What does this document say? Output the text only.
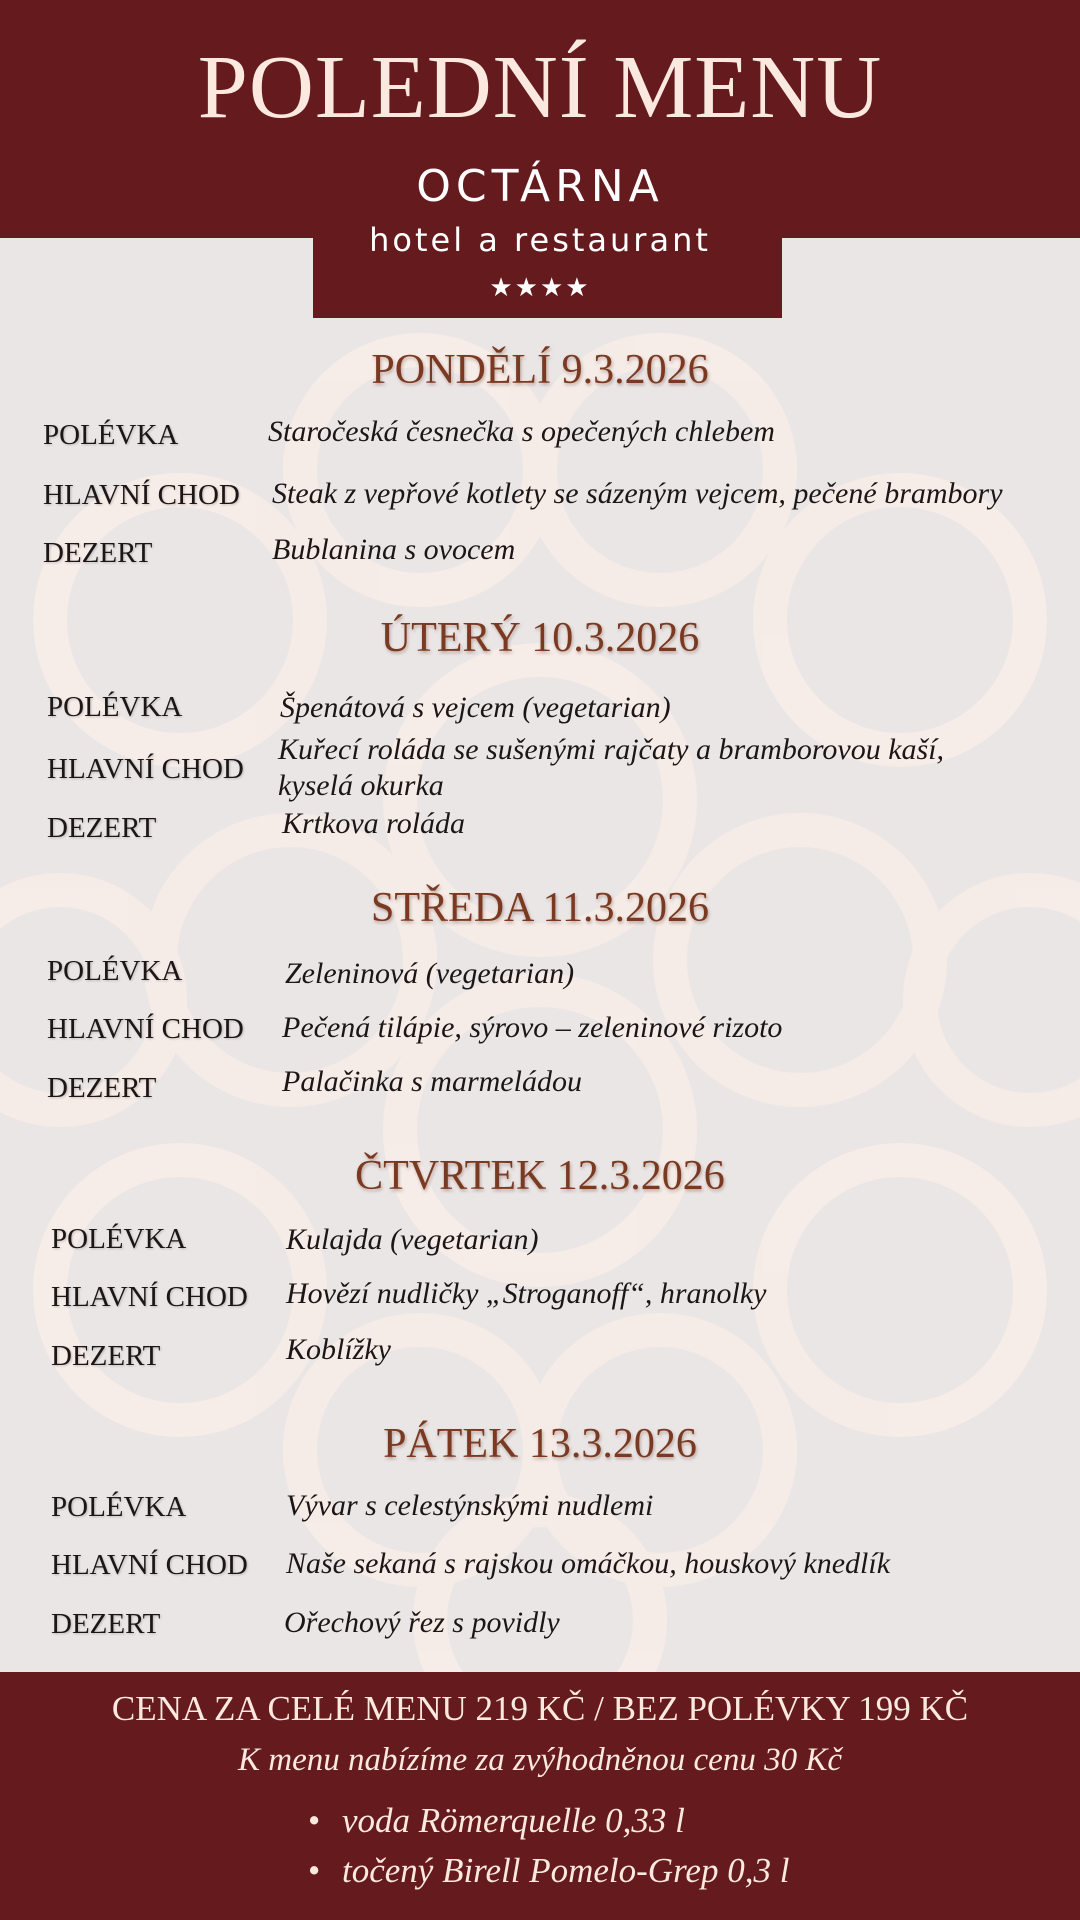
POLEDNÍ MENU
OCTÁRNA
hotel a restaurant
★★★★
PONDĚLÍ 9.3.2026
POLÉVKA	Staročeská česnečka s opečených chlebem
HLAVNÍ CHOD Steak z vepřové kotlety se sázeným vejcem, pečené brambory
DEZERT	Bublanina s ovocem
ÚTERÝ 10.3.2026
POLÉVKA	Špenátová s vejcem (vegetarian)
HLAVNÍ CHOD
Kuřecí roláda se sušenými rajčaty a bramborovou kaší,
kyselá okurka
DEZERT	Krtkova roláda
STŘEDA 11.3.2026
POLÉVKA	Zeleninová (vegetarian)
HLAVNÍ CHOD Pečená tilápie, sýrovo – zeleninové rizoto
DEZERT	Palačinka s marmeládou
ČTVRTEK 12.3.2026
POLÉVKA	Kulajda (vegetarian)
HLAVNÍ CHOD Hovězí nudličky „Stroganoff“, hranolky
DEZERT	Koblížky
PÁTEK 13.3.2026
POLÉVKA	Vývar s celestýnskými nudlemi
HLAVNÍ CHOD Naše sekaná s rajskou omáčkou, houskový knedlík
DEZERT	Ořechový řez s povidly
CENA ZA CELÉ MENU 219 KČ / BEZ POLÉVKY 199 KČ
K menu nabízíme za zvýhodněnou cenu 30 Kč
• voda Römerquelle 0,33 l
• točený Birell Pomelo-Grep 0,3 l
